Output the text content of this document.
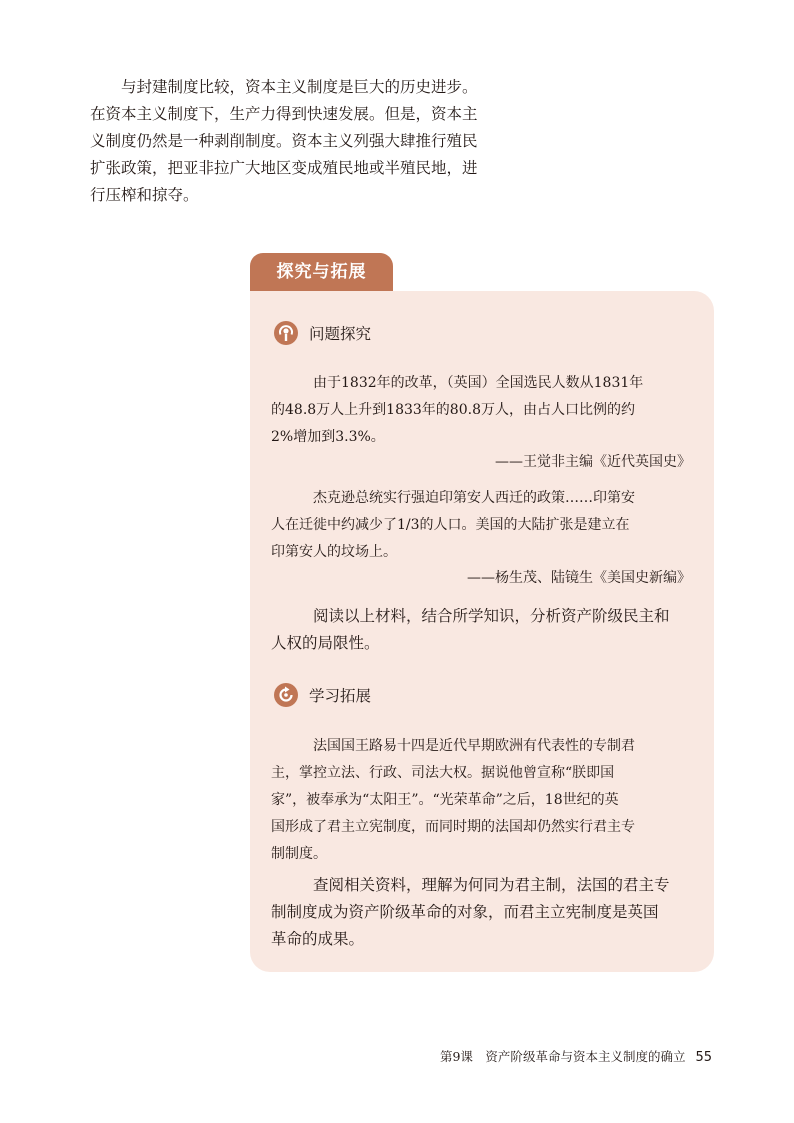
与封建制度比较，资本主义制度是巨大的历史进步。
在资本主义制度下，生产力得到快速发展。但是，资本主
义制度仍然是一种剥削制度。资本主义列强大肆推行殖民
扩张政策，把亚非拉广大地区变成殖民地或半殖民地，进
行压榨和掠夺。

探究与拓展
问题探究

由于1832年的改革，（英国）全国选民人数从1831年
的48.8万人上升到1833年的80.8万人，由占人口比例的约
2%增加到3.3%。

——王觉非主编《近代英国史》

杰克逊总统实行强迫印第安人西迁的政策……印第安
人在迁徙中约减少了1/3的人口。美国的大陆扩张是建立在
印第安人的坟场上。

——杨生茂、陆镜生《美国史新编》

阅读以上材料，结合所学知识，分析资产阶级民主和
人权的局限性。

学习拓展

法国国王路易十四是近代早期欧洲有代表性的专制君
主，掌控立法、行政、司法大权。据说他曾宣称“朕即国
家”，被奉承为“太阳王”。“光荣革命”之后，18世纪的英
国形成了君主立宪制度，而同时期的法国却仍然实行君主专
制制度。

查阅相关资料，理解为何同为君主制，法国的君主专
制制度成为资产阶级革命的对象，而君主立宪制度是英国
革命的成果。

第9课　资产阶级革命与资本主义制度的确立 55
